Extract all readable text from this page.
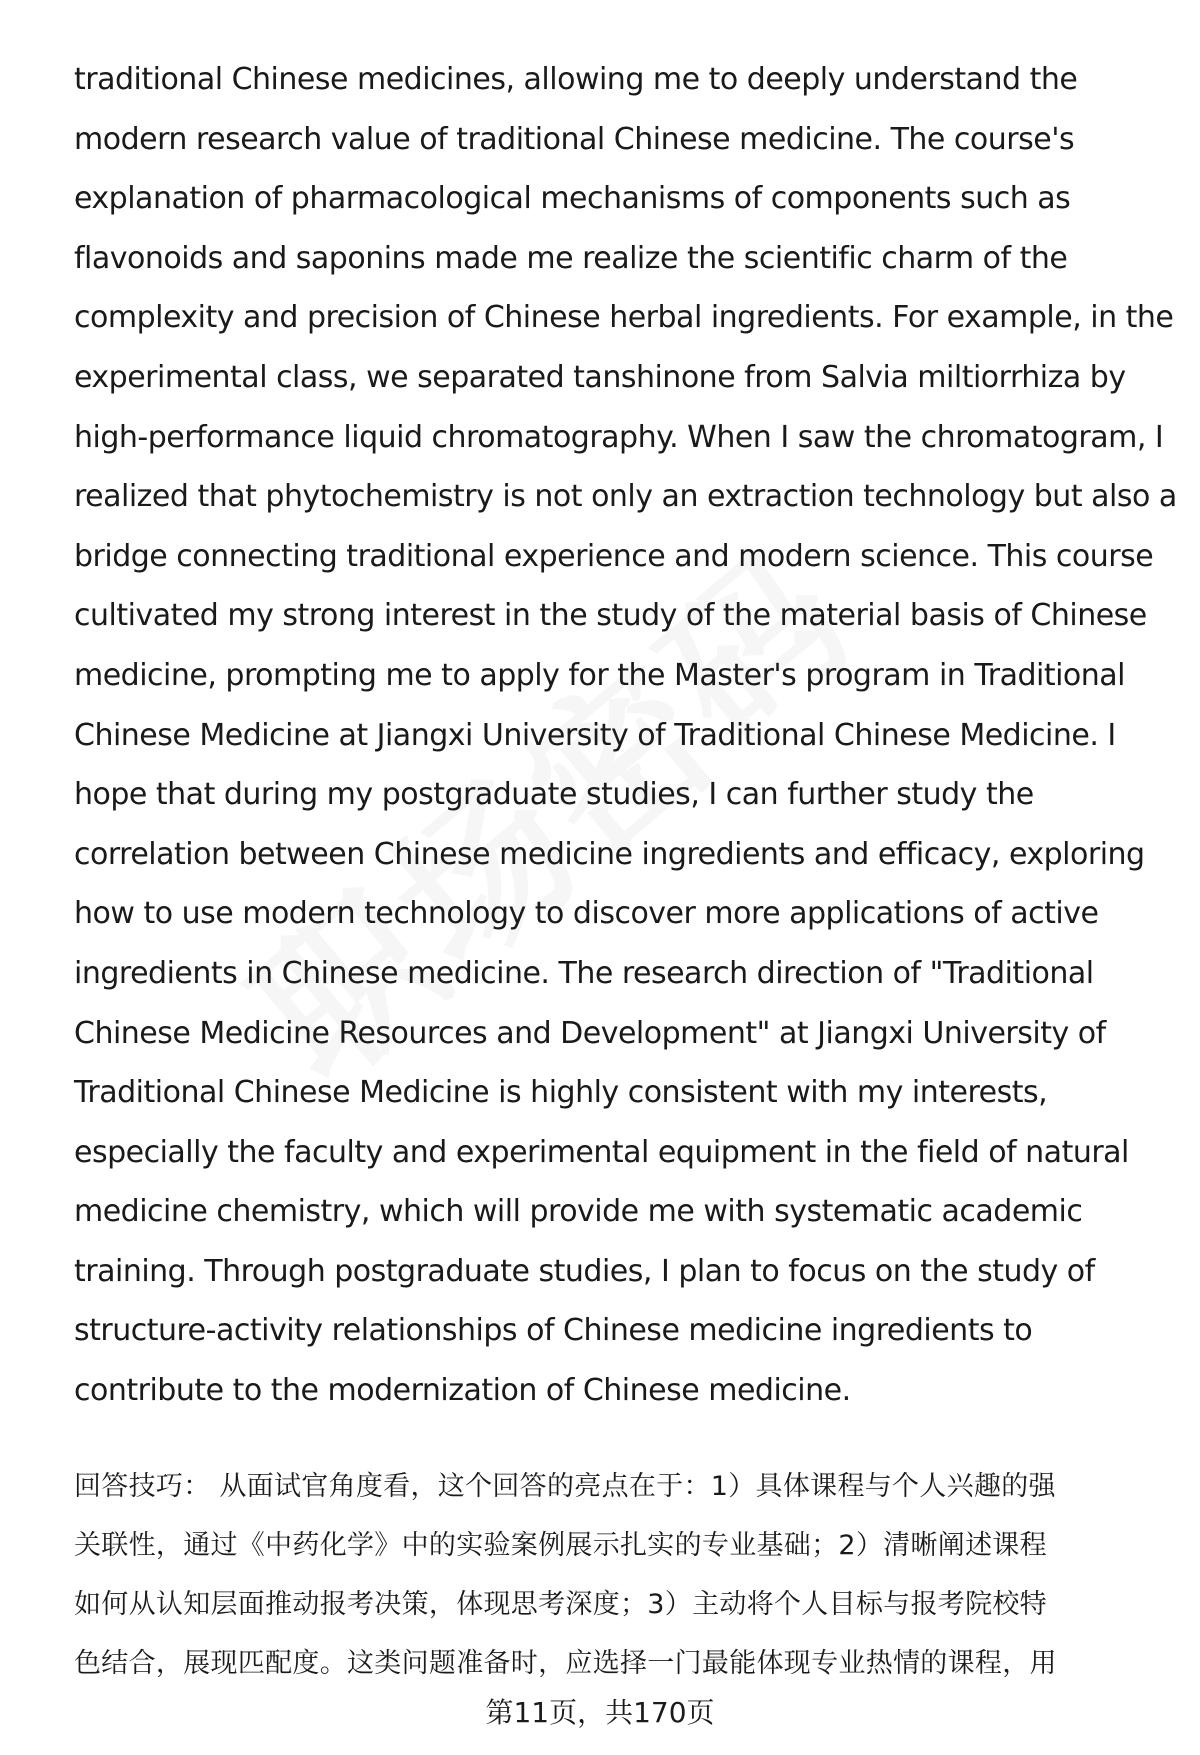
traditional Chinese medicines, allowing me to deeply understand the
modern research value of traditional Chinese medicine. The course's
explanation of pharmacological mechanisms of components such as
flavonoids and saponins made me realize the scientific charm of the
complexity and precision of Chinese herbal ingredients. For example, in the
experimental class, we separated tanshinone from Salvia miltiorrhiza by
high-performance liquid chromatography. When I saw the chromatogram, I
realized that phytochemistry is not only an extraction technology but also a
bridge connecting traditional experience and modern science. This course
cultivated my strong interest in the study of the material basis of Chinese
medicine, prompting me to apply for the Master's program in Traditional
Chinese Medicine at Jiangxi University of Traditional Chinese Medicine. I
hope that during my postgraduate studies, I can further study the
correlation between Chinese medicine ingredients and efficacy, exploring
how to use modern technology to discover more applications of active
ingredients in Chinese medicine. The research direction of "Traditional
Chinese Medicine Resources and Development" at Jiangxi University of
Traditional Chinese Medicine is highly consistent with my interests,
especially the faculty and experimental equipment in the field of natural
medicine chemistry, which will provide me with systematic academic
training. Through postgraduate studies, I plan to focus on the study of
structure-activity relationships of Chinese medicine ingredients to
contribute to the modernization of Chinese medicine.

回答技巧： 从面试官角度看，这个回答的亮点在于：1）具体课程与个人兴趣的强
关联性，通过《中药化学》中的实验案例展示扎实的专业基础；2）清晰阐述课程
如何从认知层面推动报考决策，体现思考深度；3）主动将个人目标与报考院校特
色结合，展现匹配度。这类问题准备时，应选择一门最能体现专业热情的课程，用

第11页，共170页
